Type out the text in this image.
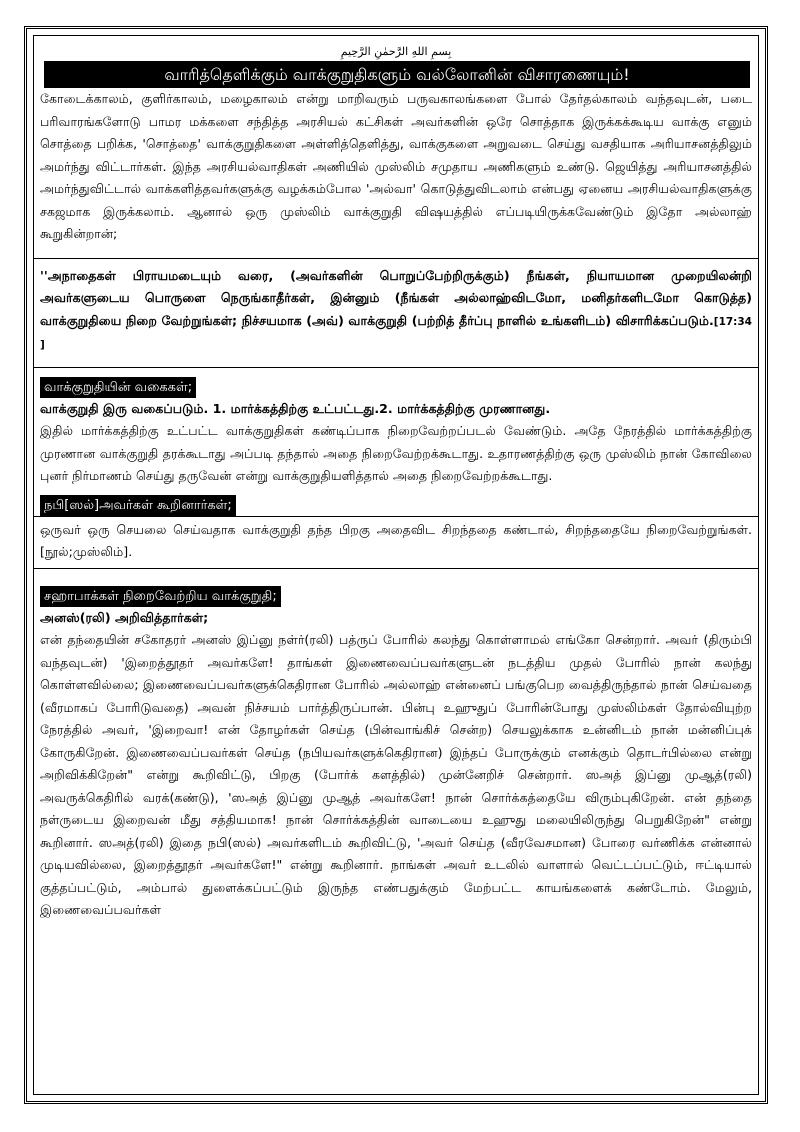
بِسمِ اللهِ الرَّحمٰنِ الرَّحِيمِ
வாரித்தெளிக்கும் வாக்குறுதிகளும் வல்லோனின் விசாரணையும்!

கோடைக்காலம், குளிர்காலம், மழைகாலம் என்று மாறிவரும் பருவகாலங்களை போல் தேர்தல்காலம் வந்தவுடன், படை பரிவாரங்களோடு பாமர மக்களை சந்தித்த அரசியல் கட்சிகள் அவர்களின் ஒரே சொத்தாக இருக்கக்கூடிய வாக்கு எனும் சொத்தை பறிக்க, 'சொத்தை' வாக்குறுதிகளை அள்ளித்தெளித்து, வாக்குகளை அறுவடை செய்து வசதியாக அரியாசனத்திலும் அமர்ந்து விட்டார்கள். இந்த அரசியல்வாதிகள் அணியில் முஸ்லிம் சமுதாய அணிகளும் உண்டு. ஜெயித்து அரியாசனத்தில் அமர்ந்துவிட்டால் வாக்களித்தவர்களுக்கு வழக்கம்போல 'அல்வா' கொடுத்துவிடலாம் என்பது ஏனைய அரசியல்வாதிகளுக்கு சகஜமாக இருக்கலாம். ஆனால் ஒரு முஸ்லிம் வாக்குறுதி விஷயத்தில் எப்படியிருக்கவேண்டும் இதோ அல்லாஹ் கூறுகின்றான்;

''அநாதைகள் பிராயமடையும் வரை, (அவர்களின் பொறுப்பேற்றிருக்கும்) நீங்கள், நியாயமான முறையிலன்றி அவர்களுடைய பொருளை நெருங்காதீர்கள், இன்னும் (நீங்கள் அல்லாஹ்விடமோ, மனிதர்களிடமோ கொடுத்த) வாக்குறுதியை நிறை வேற்றுங்கள்; நிச்சயமாக (அவ்) வாக்குறுதி (பற்றித் தீர்ப்பு நாளில் உங்களிடம்) விசாரிக்கப்படும்.[17:34 ]

வாக்குறுதியின் வகைகள்;

வாக்குறுதி இரு வகைப்படும். 1. மார்க்கத்திற்கு உட்பட்டது.2. மார்க்கத்திற்கு முரணானது.

இதில் மார்க்கத்திற்கு உட்பட்ட வாக்குறுதிகள் கண்டிப்பாக நிறைவேற்றப்படல் வேண்டும். அதே நேரத்தில் மார்க்கத்திற்கு முரணான வாக்குறுதி தரக்கூடாது அப்படி தந்தால் அதை நிறைவேற்றக்கூடாது. உதாரணத்திற்கு ஒரு முஸ்லிம் நான் கோவிலை புனர் நிர்மாணம் செய்து தருவேன் என்று வாக்குறுதியளித்தால் அதை நிறைவேற்றக்கூடாது.

நபி[ஸல்]அவர்கள் கூறினார்கள்;

ஒருவர் ஒரு செயலை செய்வதாக வாக்குறுதி தந்த பிறகு அதைவிட சிறந்ததை கண்டால், சிறந்ததையே நிறைவேற்றுங்கள்.[நூல்;முஸ்லிம்].

சஹாபாக்கள் நிறைவேற்றிய வாக்குறுதி;

அனஸ்(ரலி) அறிவித்தார்கள்;

என் தந்தையின் சகோதரர் அனஸ் இப்னு நள்ர்(ரலி) பத்ருப் போரில் கலந்து கொள்ளாமல் எங்கோ சென்றார். அவர் (திரும்பி வந்தவுடன்) 'இறைத்தூதர் அவர்களே! தாங்கள் இணைவைப்பவர்களுடன் நடத்திய முதல் போரில் நான் கலந்து கொள்ளவில்லை; இணைவைப்பவர்களுக்கெதிரான போரில் அல்லாஹ் என்னைப் பங்குபெற வைத்திருந்தால் நான் செய்வதை (வீரமாகப் போரிடுவதை) அவன் நிச்சயம் பார்த்திருப்பான். பின்பு உஹுதுப் போரின்போது முஸ்லிம்கள் தோல்வியுற்ற நேரத்தில் அவர், 'இறைவா! என் தோழர்கள் செய்த (பின்வாங்கிச் சென்ற) செயலுக்காக உன்னிடம் நான் மன்னிப்புக் கோருகிறேன். இணைவைப்பவர்கள் செய்த (நபியவர்களுக்கெதிரான) இந்தப் போருக்கும் எனக்கும் தொடர்பில்லை என்று அறிவிக்கிறேன்" என்று கூறிவிட்டு, பிறகு (போர்க் களத்தில்) முன்னேறிச் சென்றார். ஸஅத் இப்னு முஆத்(ரலி) அவருக்கெதிரில் வரக்(கண்டு), 'ஸஅத் இப்னு முஆத் அவர்களே! நான் சொர்க்கத்தையே விரும்புகிறேன். என் தந்தை நள்ருடைய இறைவன் மீது சத்தியமாக! நான் சொர்க்கத்தின் வாடையை உஹுது மலையிலிருந்து பெறுகிறேன்" என்று கூறினார். ஸஅத்(ரலி) இதை நபி(ஸல்) அவர்களிடம் கூறிவிட்டு, 'அவர் செய்த (வீரவேசமான) போரை வர்ணிக்க என்னால் முடியவில்லை, இறைத்தூதர் அவர்களே!" என்று கூறினார். நாங்கள் அவர் உடலில் வாளால் வெட்டப்பட்டும், ஈட்டியால் குத்தப்பட்டும், அம்பால் துளைக்கப்பட்டும் இருந்த எண்பதுக்கும் மேற்பட்ட காயங்களைக் கண்டோம். மேலும், இணைவைப்பவர்கள்
